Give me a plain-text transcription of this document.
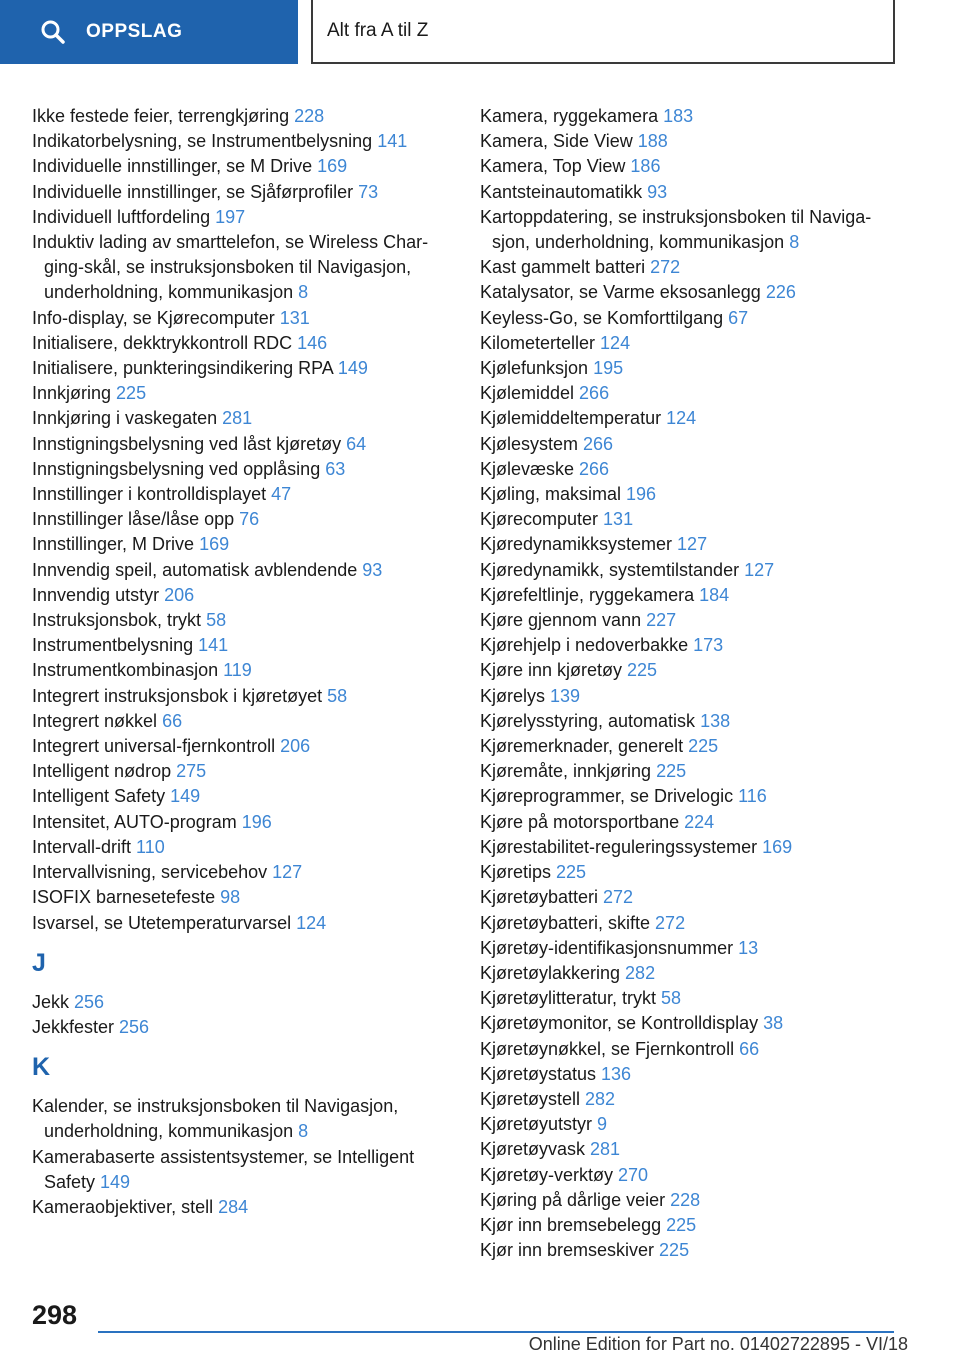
OPPSLAG	Alt fra A til Z
Ikke festede feier, terrengkjøring 228
Indikatorbelysning, se Instrumentbelysning 141
Individuelle innstillinger, se M Drive 169
Individuelle innstillinger, se Sjåførprofiler 73
Individuell luftfordeling 197
Induktiv lading av smarttelefon, se Wireless Char-ging-skål, se instruksjonsboken til Navigasjon, underholdning, kommunikasjon 8
Info-display, se Kjørecomputer 131
Initialisere, dekktrykkontroll RDC 146
Initialisere, punkteringsindikering RPA 149
Innkjøring 225
Innkjøring i vaskegaten 281
Innstigningsbelysning ved låst kjøretøy 64
Innstigningsbelysning ved opplåsing 63
Innstillinger i kontrolldisplayet 47
Innstillinger låse/låse opp 76
Innstillinger, M Drive 169
Innvendig speil, automatisk avblendende 93
Innvendig utstyr 206
Instruksjonsbok, trykt 58
Instrumentbelysning 141
Instrumentkombinasjon 119
Integrert instruksjonsbok i kjøretøyet 58
Integrert nøkkel 66
Integrert universal-fjernkontroll 206
Intelligent nødrop 275
Intelligent Safety 149
Intensitet, AUTO-program 196
Intervall-drift 110
Intervallvisning, servicebehov 127
ISOFIX barnesetefeste 98
Isvarsel, se Utetemperaturvarsel 124
J
Jekk 256
Jekkfester 256
K
Kalender, se instruksjonsboken til Navigasjon, underholdning, kommunikasjon 8
Kamerabaserte assistentsystemer, se Intelligent Safety 149
Kameraobjektiver, stell 284
Kamera, ryggekamera 183
Kamera, Side View 188
Kamera, Top View 186
Kantsteinautomatikk 93
Kartoppdatering, se instruksjonsboken til Naviga-sjon, underholdning, kommunikasjon 8
Kast gammelt batteri 272
Katalysator, se Varme eksosanlegg 226
Keyless-Go, se Komforttilgang 67
Kilometerteller 124
Kjølefunksjon 195
Kjølemiddel 266
Kjølemiddeltemperatur 124
Kjølesystem 266
Kjølevæske 266
Kjøling, maksimal 196
Kjørecomputer 131
Kjøredynamikksystemer 127
Kjøredynamikk, systemtilstander 127
Kjørefeltlinje, ryggekamera 184
Kjøre gjennom vann 227
Kjørehjelp i nedoverbakke 173
Kjøre inn kjøretøy 225
Kjørelys 139
Kjørelysstyring, automatisk 138
Kjøremerknader, generelt 225
Kjøremåte, innkjøring 225
Kjøreprogrammer, se Drivelogic 116
Kjøre på motorsportbane 224
Kjørestabilitet-reguleringssystemer 169
Kjøretips 225
Kjøretøybatteri 272
Kjøretøybatteri, skifte 272
Kjøretøy-identifikasjonsnummer 13
Kjøretøylakkering 282
Kjøretøylitteratur, trykt 58
Kjøretøymonitor, se Kontrolldisplay 38
Kjøretøynøkkel, se Fjernkontroll 66
Kjøretøystatus 136
Kjøretøystell 282
Kjøretøyutstyr 9
Kjøretøyvask 281
Kjøretøy-verktøy 270
Kjøring på dårlige veier 228
Kjør inn bremsebelegg 225
Kjør inn bremseskiver 225
298
Online Edition for Part no. 01402722895 - VI/18
